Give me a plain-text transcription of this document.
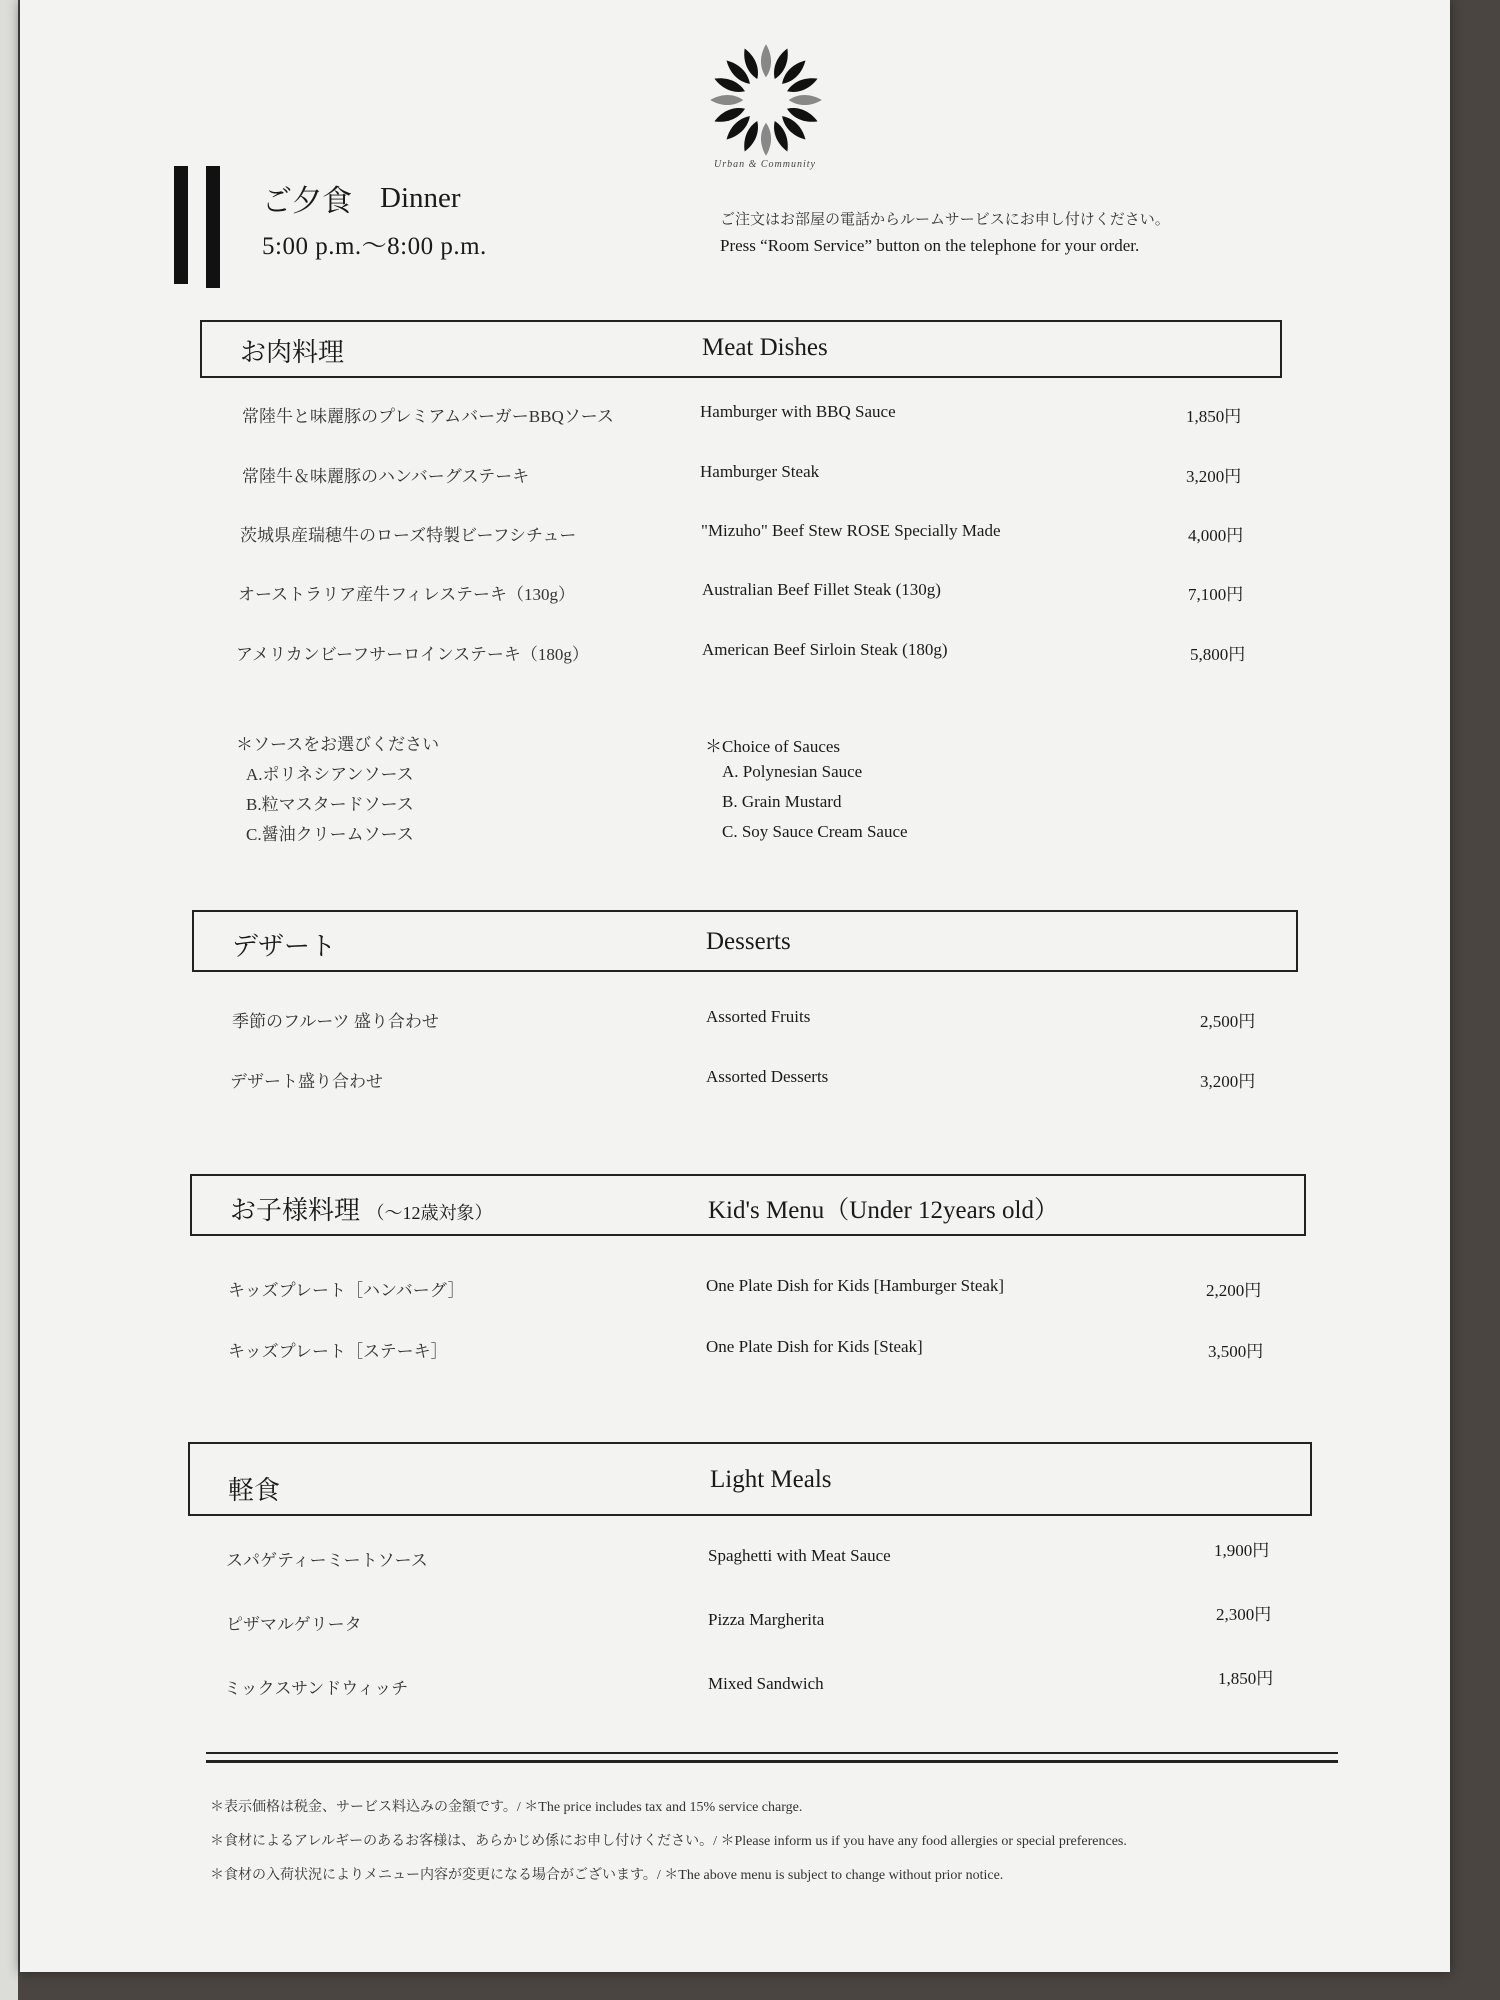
Urban & Community
ご夕食 Dinner
5:00 p.m.〜8:00 p.m.
ご注文はお部屋の電話からルームサービスにお申し付けください。
Press “Room Service” button on the telephone for your order.
お肉料理	Meat Dishes
常陸牛と味麗豚のプレミアムバーガーBBQソース	Hamburger with BBQ Sauce	1,850円
常陸牛＆味麗豚のハンバーグステーキ	Hamburger Steak	3,200円
茨城県産瑞穂牛のローズ特製ビーフシチュー	"Mizuho" Beef Stew ROSE Specially Made	4,000円
オーストラリア産牛フィレステーキ（130g）	Australian Beef Fillet Steak (130g)	7,100円
アメリカンビーフサーロインステーキ（180g）	American Beef Sirloin Steak (180g)	5,800円
＊ソースをお選びください
A.ポリネシアンソース
B.粒マスタードソース
C.醤油クリームソース
＊Choice of Sauces
A. Polynesian Sauce
B. Grain Mustard
C. Soy Sauce Cream Sauce
デザート	Desserts
季節のフルーツ 盛り合わせ	Assorted Fruits	2,500円
デザート盛り合わせ	Assorted Desserts	3,200円
お子様料理 （〜12歳対象）	Kid's Menu（Under 12years old）
キッズプレート［ハンバーグ］	One Plate Dish for Kids [Hamburger Steak]	2,200円
キッズプレート［ステーキ］	One Plate Dish for Kids [Steak]	3,500円
軽食	Light Meals
スパゲティーミートソース	Spaghetti with Meat Sauce	1,900円
ピザマルゲリータ	Pizza Margherita	2,300円
ミックスサンドウィッチ	Mixed Sandwich	1,850円
＊表示価格は税金、サービス料込みの金額です。/ ＊The price includes tax and 15% service charge.
＊食材によるアレルギーのあるお客様は、あらかじめ係にお申し付けください。/ ＊Please inform us if you have any food allergies or special preferences.
＊食材の入荷状況によりメニュー内容が変更になる場合がございます。/ ＊The above menu is subject to change without prior notice.
